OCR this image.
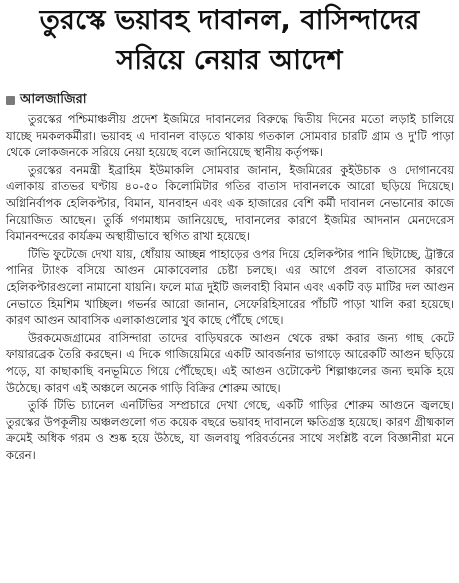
তুরস্কে ভয়াবহ দাবানল, বাসিন্দাদের
সরিয়ে নেয়ার আদেশ
আলজাজিরা

তুরস্কের পশ্চিমাঞ্চলীয় প্রদেশ ইজমিরে দাবানলের বিরুদ্ধে দ্বিতীয় দিনের মতো লড়াই চালিয়ে যাচ্ছে দমকলকর্মীরা। ভয়াবহ এ দাবানল বাড়তে থাকায় গতকাল সোমবার চারটি গ্রাম ও দু'টি পাড়া থেকে লোকজনকে সরিয়ে নেয়া হয়েছে বলে জানিয়েছে স্থানীয় কর্তৃপক্ষ।

তুরস্কের বনমন্ত্রী ইব্রাহিম ইউমাকলি সোমবার জানান, ইজমিরের কুইউচাক ও দোগানবেয় এলাকায় রাতভর ঘণ্টায় ৪০-৫০ কিলোমিটার গতির বাতাস দাবানলকে আরো ছড়িয়ে দিয়েছে। অগ্নিনির্বাপক হেলিকপ্টার, বিমান, যানবাহন এবং এক হাজারের বেশি কর্মী দাবানল নেভানোর কাজে নিয়োজিত আছেন। তুর্কি গণমাধ্যম জানিয়েছে, দাবানলের কারণে ইজমির আদনান মেনদেরেস বিমানবন্দরের কার্যক্রম অস্থায়ীভাবে স্থগিত রাখা হয়েছে।

টিভি ফুটেজে দেখা যায়, ধোঁয়ায় আচ্ছন্ন পাহাড়ের ওপর দিয়ে হেলিকপ্টার পানি ছিটাচ্ছে, ট্রাক্টরে পানির ট্যাংক বসিয়ে আগুন মোকাবেলার চেষ্টা চলছে। এর আগে প্রবল বাতাসের কারণে হেলিকপ্টারগুলো নামানো যায়নি। ফলে মাত্র দুইটি জলবাহী বিমান এবং একটি বড় মাটির দল আগুন নেভাতে হিমশিম খাচ্ছিল। গভর্নর আরো জানান, সেফেরিহিসারের পাঁচটি পাড়া খালি করা হয়েছে। কারণ আগুন আবাসিক এলাকাগুলোর খুব কাছে পৌঁছে গেছে।

উরকমেজগ্রামের বাসিন্দারা তাদের বাড়িঘরকে আগুন থেকে রক্ষা করার জন্য গাছ কেটে ফায়ারব্রেক তৈরি করছেন। এ দিকে গাজিয়েমিরে একটি আবর্জনার ভাগাড়ে আরেকটি আগুন ছড়িয়ে পড়ে, যা কাছাকাছি বনভূমিতে গিয়ে পৌঁছেছে। এই আগুন ওটোকেন্ট শিল্পাঞ্চলের জন্য হুমকি হয়ে উঠেছে। কারণ এই অঞ্চলে অনেক গাড়ি বিক্রির শোরুম আছে।

তুর্কি টিভি চ্যানেল এনটিভির সম্প্রচারে দেখা গেছে, একটি গাড়ির শোরুম আগুনে জ্বলছে। তুরস্কের উপকূলীয় অঞ্চলগুলো গত কয়েক বছরে ভয়াবহ দাবানলে ক্ষতিগ্রস্ত হয়েছে। কারণ গ্রীষ্মকাল ক্রমেই অধিক গরম ও শুষ্ক হয়ে উঠছে, যা জলবায়ু পরিবর্তনের সাথে সংশ্লিষ্ট বলে বিজ্ঞানীরা মনে করেন।
